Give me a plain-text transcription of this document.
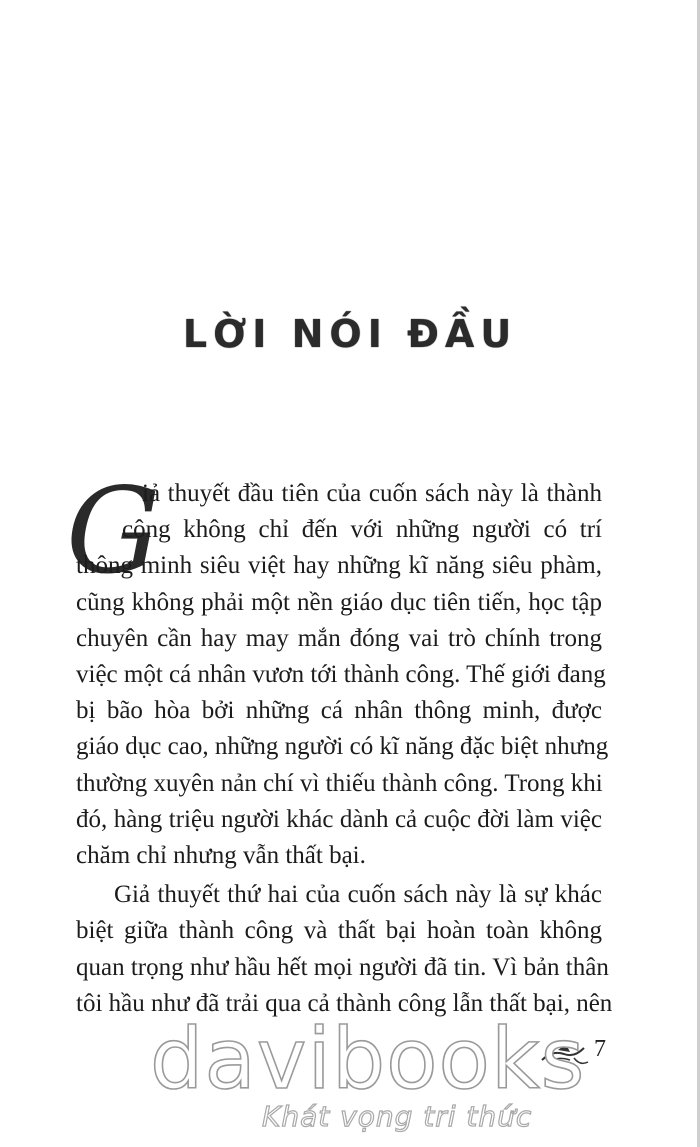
LỜI NÓI ĐẦU
G
iả thuyết đầu tiên của cuốn sách này là thành
công không chỉ đến với những người có trí
thông minh siêu việt hay những kĩ năng siêu phàm,
cũng không phải một nền giáo dục tiên tiến, học tập
chuyên cần hay may mắn đóng vai trò chính trong
việc một cá nhân vươn tới thành công. Thế giới đang
bị bão hòa bởi những cá nhân thông minh, được
giáo dục cao, những người có kĩ năng đặc biệt nhưng
thường xuyên nản chí vì thiếu thành công. Trong khi
đó, hàng triệu người khác dành cả cuộc đời làm việc
chăm chỉ nhưng vẫn thất bại.
Giả thuyết thứ hai của cuốn sách này là sự khác
biệt giữa thành công và thất bại hoàn toàn không
quan trọng như hầu hết mọi người đã tin. Vì bản thân
tôi hầu như đã trải qua cả thành công lẫn thất bại, nên
7
davibooks
Khát vọng tri thức
